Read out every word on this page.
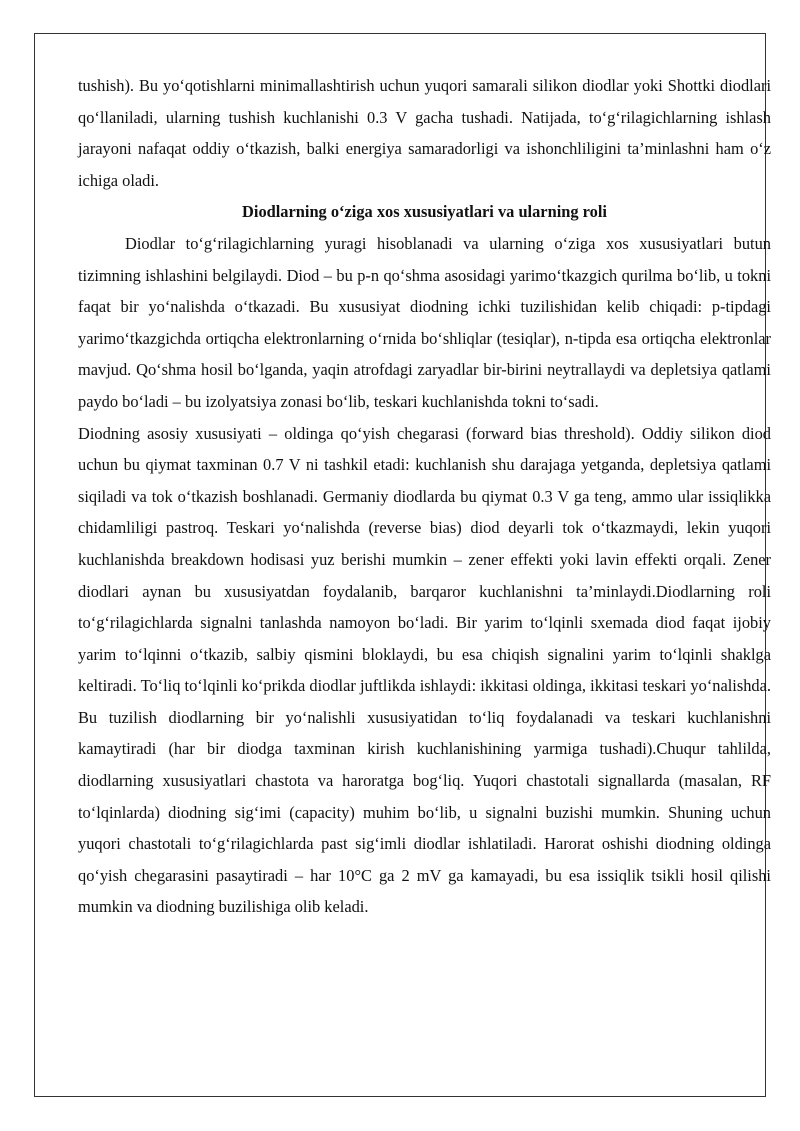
tushish). Bu yo‘qotishlarni minimallashtirish uchun yuqori samarali silikon diodlar yoki Shottki diodlari qo‘llaniladi, ularning tushish kuchlanishi 0.3 V gacha tushadi. Natijada, to‘g‘rilagichlarning ishlash jarayoni nafaqat oddiy o‘tkazish, balki energiya samaradorligi va ishonchliligini ta’minlashni ham o‘z ichiga oladi.

Diodlarning o‘ziga xos xususiyatlari va ularning roli

Diodlar to‘g‘rilagichlarning yuragi hisoblanadi va ularning o‘ziga xos xususiyatlari butun tizimning ishlashini belgilaydi. Diod – bu p-n qo‘shma asosidagi yarimo‘tkazgich qurilma bo‘lib, u tokni faqat bir yo‘nalishda o‘tkazadi. Bu xususiyat diodning ichki tuzilishidan kelib chiqadi: p-tipdagi yarimo‘tkazgichda ortiqcha elektronlarning o‘rnida bo‘shliqlar (tesiqlar), n-tipda esa ortiqcha elektronlar mavjud. Qo‘shma hosil bo‘lganda, yaqin atrofdagi zaryadlar bir-birini neytrallaydi va depletsiya qatlami paydo bo‘ladi – bu izolyatsiya zonasi bo‘lib, teskari kuchlanishda tokni to‘sadi.

Diodning asosiy xususiyati – oldinga qo‘yish chegarasi (forward bias threshold). Oddiy silikon diod uchun bu qiymat taxminan 0.7 V ni tashkil etadi: kuchlanish shu darajaga yetganda, depletsiya qatlami siqiladi va tok o‘tkazish boshlanadi. Germaniy diodlarda bu qiymat 0.3 V ga teng, ammo ular issiqlikka chidamliligi pastroq. Teskari yo‘nalishda (reverse bias) diod deyarli tok o‘tkazmaydi, lekin yuqori kuchlanishda breakdown hodisasi yuz berishi mumkin – zener effekti yoki lavin effekti orqali. Zener diodlari aynan bu xususiyatdan foydalanib, barqaror kuchlanishni ta’minlaydi.Diodlarning roli to‘g‘rilagichlarda signalni tanlashda namoyon bo‘ladi. Bir yarim to‘lqinli sxemada diod faqat ijobiy yarim to‘lqinni o‘tkazib, salbiy qismini bloklaydi, bu esa chiqish signalini yarim to‘lqinli shaklga keltiradi. To‘liq to‘lqinli ko‘prikda diodlar juftlikda ishlaydi: ikkitasi oldinga, ikkitasi teskari yo‘nalishda. Bu tuzilish diodlarning bir yo‘nalishli xususiyatidan to‘liq foydalanadi va teskari kuchlanishni kamaytiradi (har bir diodga taxminan kirish kuchlanishining yarmiga tushadi).Chuqur tahlilda, diodlarning xususiyatlari chastota va haroratga bog‘liq. Yuqori chastotali signallarda (masalan, RF to‘lqinlarda) diodning sig‘imi (capacity) muhim bo‘lib, u signalni buzishi mumkin. Shuning uchun yuqori chastotali to‘g‘rilagichlarda past sig‘imli diodlar ishlatiladi. Harorat oshishi diodning oldinga qo‘yish chegarasini pasaytiradi – har 10°C ga 2 mV ga kamayadi, bu esa issiqlik tsikli hosil qilishi mumkin va diodning buzilishiga olib keladi.
